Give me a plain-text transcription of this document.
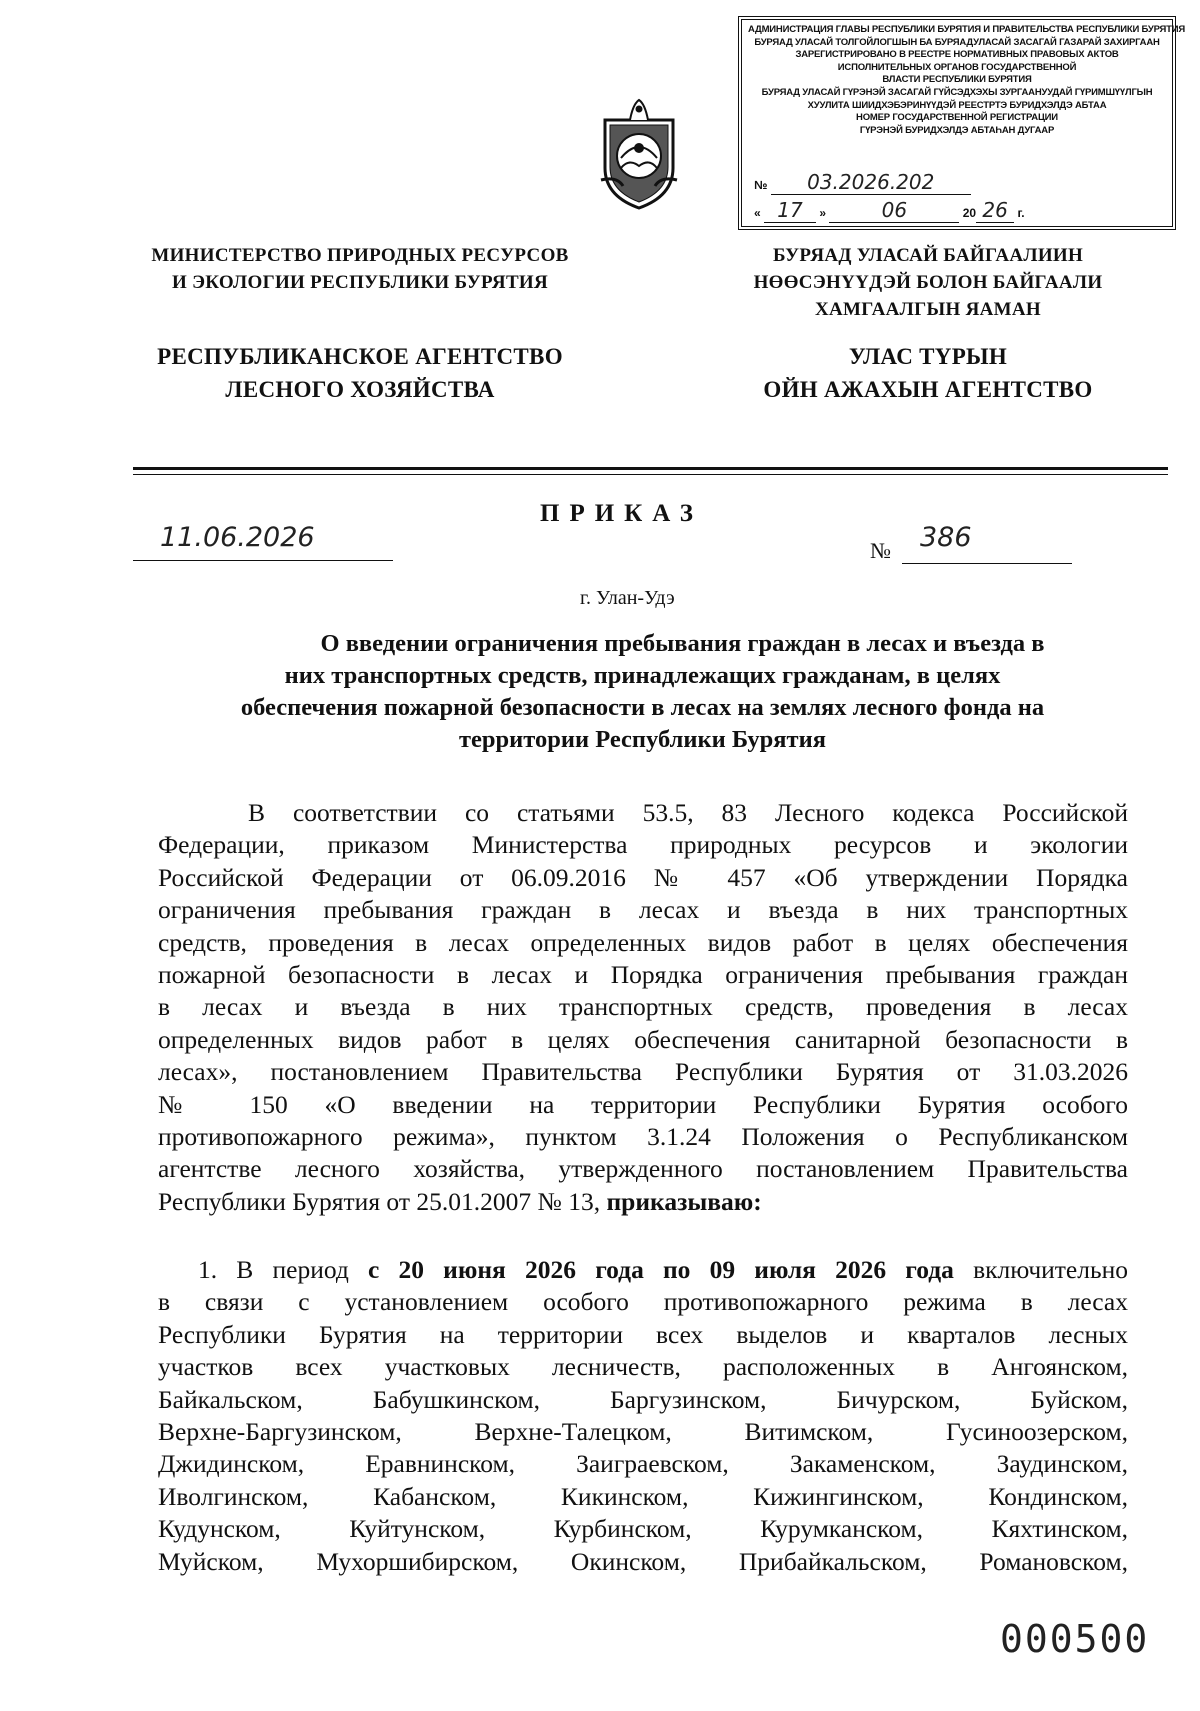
АДМИНИСТРАЦИЯ ГЛАВЫ РЕСПУБЛИКИ БУРЯТИЯ И ПРАВИТЕЛЬСТВА РЕСПУБЛИКИ БУРЯТИЯ
БУРЯАД УЛАСАЙ ТОЛГОЙЛОГШЫН БА БУРЯАДУЛАСАЙ ЗАСАГАЙ ГАЗАРАЙ ЗАХИРГААН
ЗАРЕГИСТРИРОВАНО В РЕЕСТРЕ НОРМАТИВНЫХ ПРАВОВЫХ АКТОВ
ИСПОЛНИТЕЛЬНЫХ ОРГАНОВ ГОСУДАРСТВЕННОЙ
ВЛАСТИ РЕСПУБЛИКИ БУРЯТИЯ
БУРЯАД УЛАСАЙ ГҮРЭНЭЙ ЗАСАГАЙ ГҮЙСЭДХЭХЫ ЗУРГААНУУДАЙ ГҮРИМШҮҮЛГЫН
ХУУЛИТА ШИИДХЭБЭРИНҮҮДЭЙ РЕЕСТРТЭ БУРИДХЭЛДЭ АБТАА
НОМЕР ГОСУДАРСТВЕННОЙ РЕГИСТРАЦИИ
ГҮРЭНЭЙ БУРИДХЭЛДЭ АБТАҺАН ДУГААР
№ 03.2026.202
« 17 »	06	20 26 г.
МИНИСТЕРСТВО ПРИРОДНЫХ РЕСУРСОВ
И ЭКОЛОГИИ РЕСПУБЛИКИ БУРЯТИЯ
БУРЯАД УЛАСАЙ БАЙГААЛИИН
НӨӨСЭНҮҮДЭЙ БОЛОН БАЙГААЛИ
ХАМГААЛГЫН ЯАМАН
РЕСПУБЛИКАНСКОЕ АГЕНТСТВО
ЛЕСНОГО ХОЗЯЙСТВА
УЛАС ТҮРЫН
ОЙН АЖАХЫН АГЕНТСТВО
ПРИКАЗ
11.06.2026	№ 386
г. Улан-Удэ
О введении ограничения пребывания граждан в лесах и въезда в
них транспортных средств, принадлежащих гражданам, в целях
обеспечения пожарной безопасности в лесах на землях лесного фонда на
территории Республики Бурятия
В соответствии со статьями 53.5, 83 Лесного кодекса Российской
Федерации, приказом Министерства природных ресурсов и экологии
Российской Федерации от 06.09.2016 № 457 «Об утверждении Порядка
ограничения пребывания граждан в лесах и въезда в них транспортных
средств, проведения в лесах определенных видов работ в целях обеспечения
пожарной безопасности в лесах и Порядка ограничения пребывания граждан
в лесах и въезда в них транспортных средств, проведения в лесах
определенных видов работ в целях обеспечения санитарной безопасности в
лесах», постановлением Правительства Республики Бурятия от 31.03.2026
№ 150 «О введении на территории Республики Бурятия особого
противопожарного режима», пунктом 3.1.24 Положения о Республиканском
агентстве лесного хозяйства, утвержденного постановлением Правительства
Республики Бурятия от 25.01.2007 № 13, приказываю:
1. В период с 20 июня 2026 года по 09 июля 2026 года включительно
в связи с установлением особого противопожарного режима в лесах
Республики Бурятия на территории всех выделов и кварталов лесных
участков всех участковых лесничеств, расположенных в Ангоянском,
Байкальском, Бабушкинском, Баргузинском, Бичурском, Буйском,
Верхне-Баргузинском, Верхне-Талецком, Витимском, Гусиноозерском,
Джидинском, Еравнинском, Заиграевском, Закаменском, Заудинском,
Иволгинском, Кабанском, Кикинском, Кижингинском, Кондинском,
Кудунском, Куйтунском, Курбинском, Курумканском, Кяхтинском,
Муйском, Мухоршибирском, Окинском, Прибайкальском, Романовском,
000500
